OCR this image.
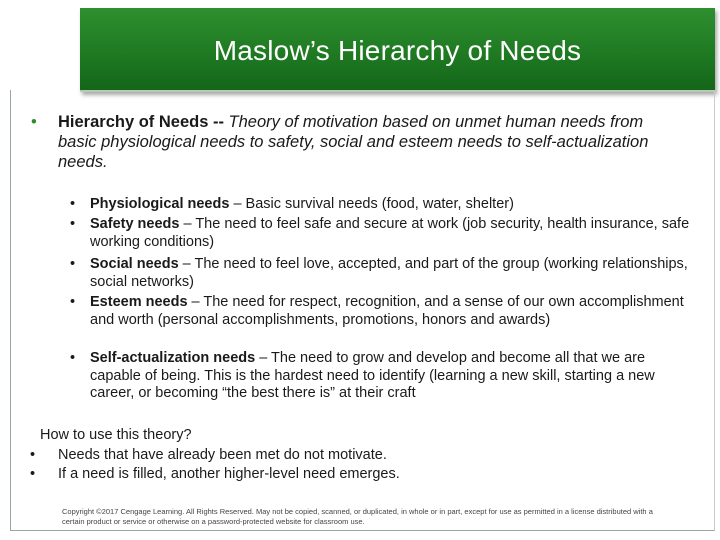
Maslow’s Hierarchy of Needs
• Hierarchy of Needs -- Theory of motivation based on unmet human needs from basic physiological needs to safety, social and esteem needs to self-actualization needs.
• Physiological needs – Basic survival needs (food, water, shelter)
• Safety needs – The need to feel safe and secure at work (job security, health insurance, safe working conditions)
• Social needs – The need to feel love, accepted, and part of the group (working relationships, social networks)
• Esteem needs – The need for respect, recognition, and a sense of our own accomplishment and worth (personal accomplishments, promotions, honors and awards)
• Self-actualization needs – The need to grow and develop and become all that we are capable of being. This is the hardest need to identify (learning a new skill, starting a new career, or becoming “the best there is” at their craft
How to use this theory?
• Needs that have already been met do not motivate.
• If a need is filled, another higher-level need emerges.
Copyright ©2017 Cengage Learning. All Rights Reserved. May not be copied, scanned, or duplicated, in whole or in part, except for use as permitted in a license distributed with a certain product or service or otherwise on a password-protected website for classroom use.
